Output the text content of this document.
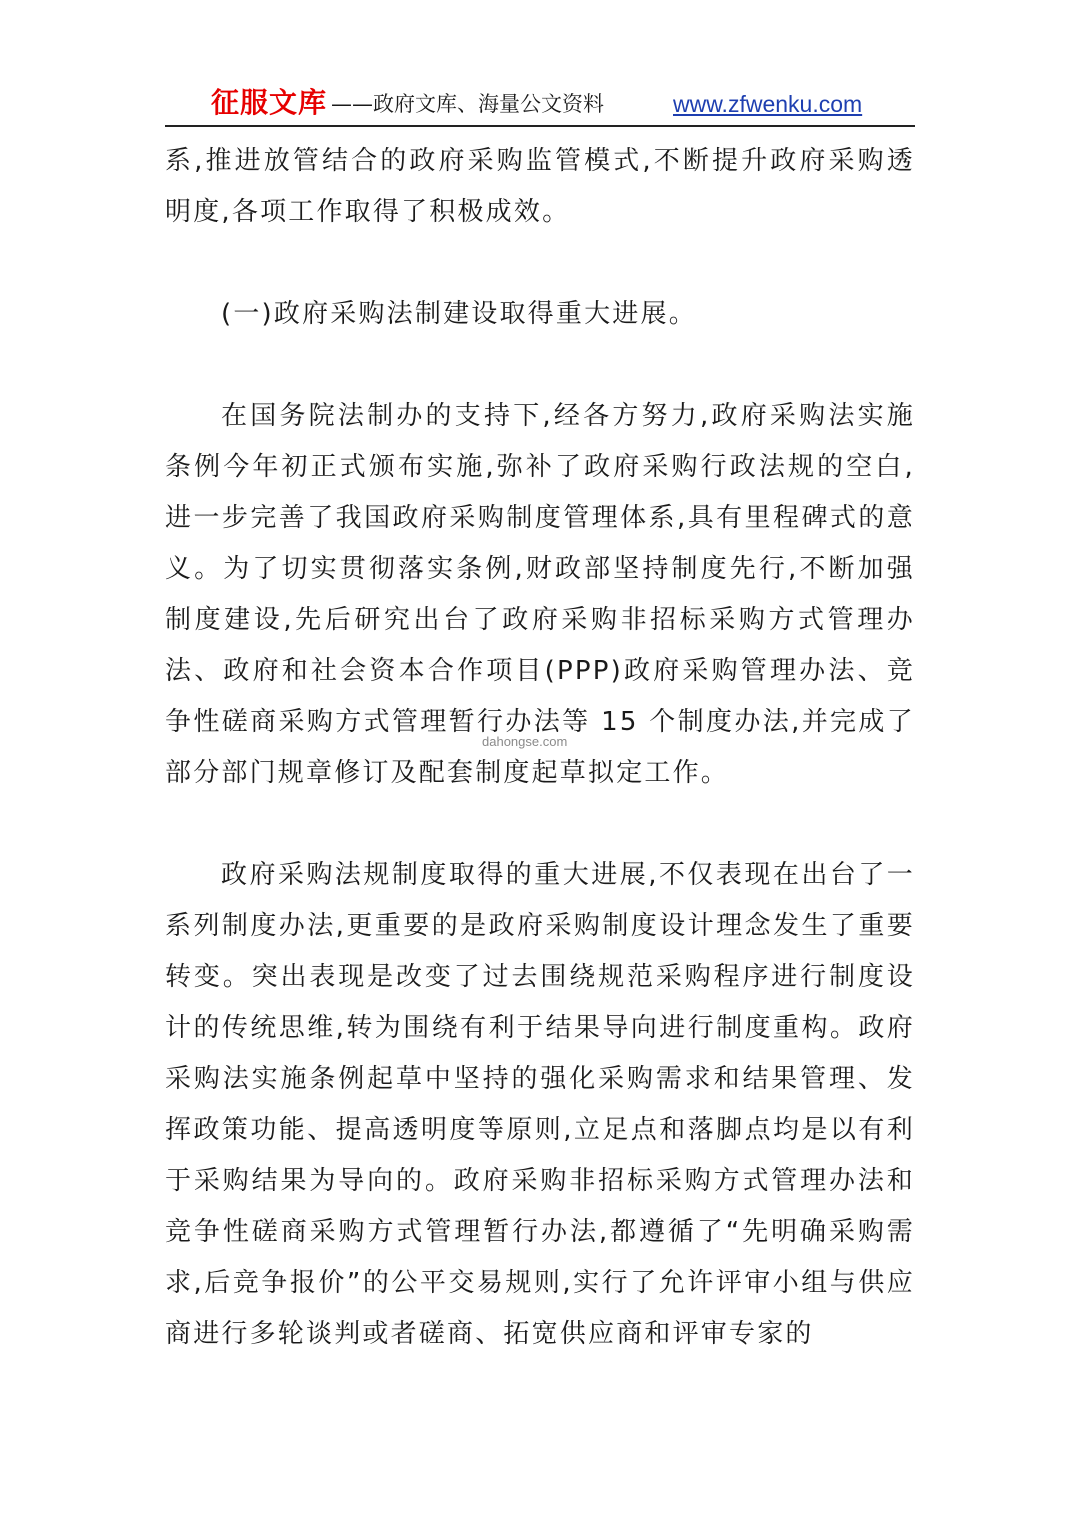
征服文库 ——政府文库、海量公文资料	www.zfwenku.com

系,推进放管结合的政府采购监管模式,不断提升政府采购透明度,各项工作取得了积极成效。

(一)政府采购法制建设取得重大进展。

在国务院法制办的支持下,经各方努力,政府采购法实施条例今年初正式颁布实施,弥补了政府采购行政法规的空白,进一步完善了我国政府采购制度管理体系,具有里程碑式的意义。为了切实贯彻落实条例,财政部坚持制度先行,不断加强制度建设,先后研究出台了政府采购非招标采购方式管理办法、政府和社会资本合作项目(PPP)政府采购管理办法、竞争性磋商采购方式管理暂行办法等 15 个制度办法,并完成了部分部门规章修订及配套制度起草拟定工作。

政府采购法规制度取得的重大进展,不仅表现在出台了一系列制度办法,更重要的是政府采购制度设计理念发生了重要转变。突出表现是改变了过去围绕规范采购程序进行制度设计的传统思维,转为围绕有利于结果导向进行制度重构。政府采购法实施条例起草中坚持的强化采购需求和结果管理、发挥政策功能、提高透明度等原则,立足点和落脚点均是以有利于采购结果为导向的。政府采购非招标采购方式管理办法和竞争性磋商采购方式管理暂行办法,都遵循了“先明确采购需求,后竞争报价”的公平交易规则,实行了允许评审小组与供应商进行多轮谈判或者磋商、拓宽供应商和评审专家的

dahongse.com
